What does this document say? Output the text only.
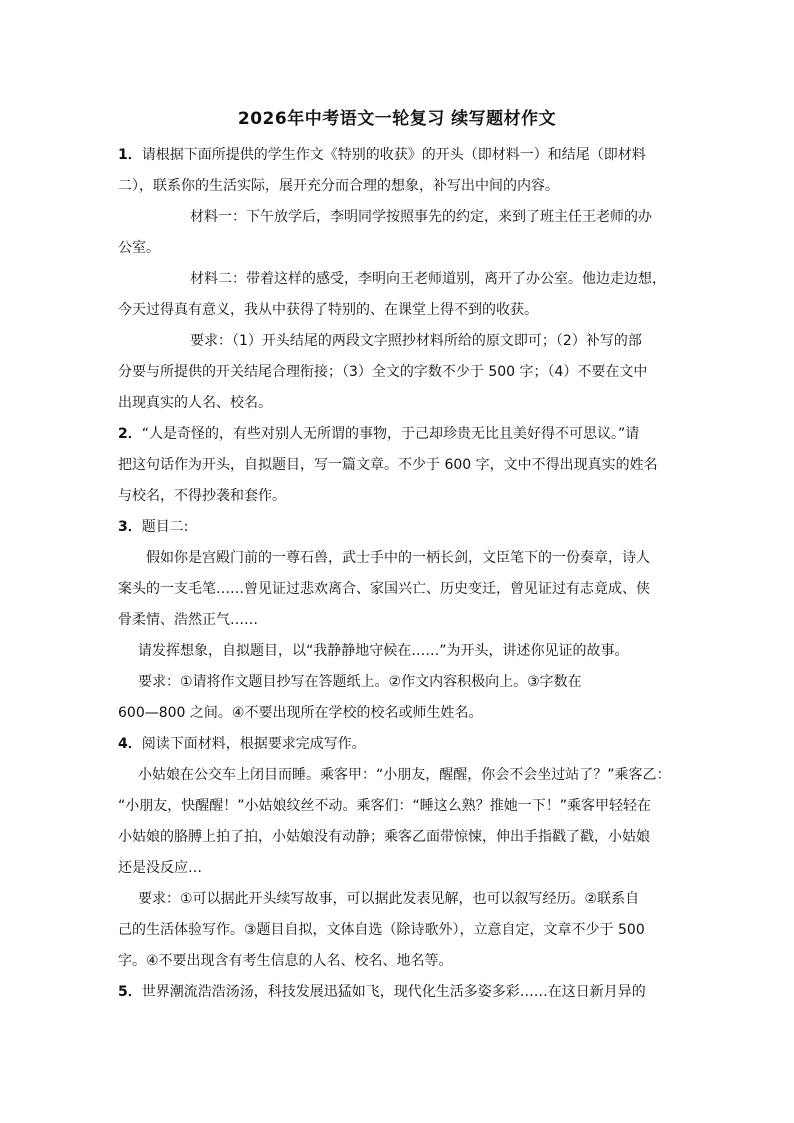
2026年中考语文一轮复习 续写题材作文
1．请根据下面所提供的学生作文《特别的收获》的开头（即材料一）和结尾（即材料
二），联系你的生活实际，展开充分而合理的想象，补写出中间的内容。
材料一：下午放学后，李明同学按照事先的约定，来到了班主任王老师的办
公室。
材料二：带着这样的感受，李明向王老师道别，离开了办公室。他边走边想，
今天过得真有意义，我从中获得了特别的、在课堂上得不到的收获。
要求：（1）开头结尾的两段文字照抄材料所给的原文即可；（2）补写的部
分要与所提供的开关结尾合理衔接；（3）全文的字数不少于 500 字；（4）不要在文中
出现真实的人名、校名。
2．“人是奇怪的，有些对别人无所谓的事物，于己却珍贵无比且美好得不可思议。”请
把这句话作为开头，自拟题目，写一篇文章。不少于 600 字，文中不得出现真实的姓名
与校名，不得抄袭和套作。
3．题目二:
假如你是宫殿门前的一尊石兽，武士手中的一柄长剑，文臣笔下的一份奏章，诗人
案头的一支毛笔……曾见证过悲欢离合、家国兴亡、历史变迁，曾见证过有志竟成、侠
骨柔情、浩然正气……
请发挥想象，自拟题目，以“我静静地守候在……”为开头，讲述你见证的故事。
要求：①请将作文题目抄写在答题纸上。②作文内容积极向上。③字数在
600—800 之间。④不要出现所在学校的校名或师生姓名。
4．阅读下面材料，根据要求完成写作。
小姑娘在公交车上闭目而睡。乘客甲：“小朋友，醒醒，你会不会坐过站了？”乘客乙：
“小朋友，快醒醒！”小姑娘纹丝不动。乘客们：“睡这么熟？推她一下！”乘客甲轻轻在
小姑娘的胳膊上拍了拍，小姑娘没有动静；乘客乙面带惊悚，伸出手指戳了戳，小姑娘
还是没反应…
要求：①可以据此开头续写故事，可以据此发表见解，也可以叙写经历。②联系自
己的生活体验写作。③题目自拟，文体自选（除诗歌外），立意自定，文章不少于 500
字。④不要出现含有考生信息的人名、校名、地名等。
5．世界潮流浩浩汤汤，科技发展迅猛如飞，现代化生活多姿多彩……在这日新月异的
